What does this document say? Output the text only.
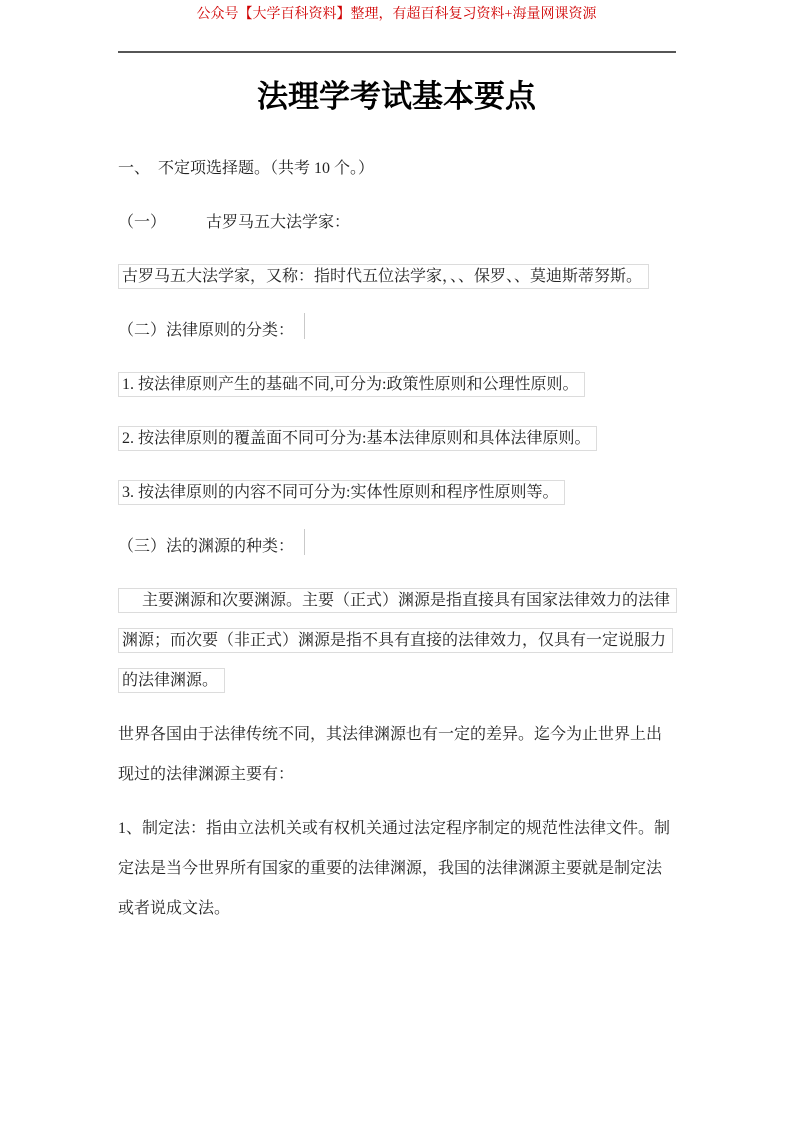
公众号【大学百科资料】整理，有超百科复习资料+海量网课资源
法理学考试基本要点

一、　不定项选择题。（共考 10 个。）

（一）　　　古罗马五大法学家：

古罗马五大法学家，又称：指时代五位法学家，、、保罗、、莫迪斯蒂努斯。

（二）法律原则的分类：

1. 按法律原则产生的基础不同,可分为:政策性原则和公理性原则。

2. 按法律原则的覆盖面不同可分为:基本法律原则和具体法律原则。

3. 按法律原则的内容不同可分为:实体性原则和程序性原则等。

（三）法的渊源的种类：

　 主要渊源和次要渊源。主要（正式）渊源是指直接具有国家法律效力的法律渊源；而次要（非正式）渊源是指不具有直接的法律效力，仅具有一定说服力的法律渊源。

世界各国由于法律传统不同，其法律渊源也有一定的差异。迄今为止世界上出现过的法律渊源主要有：

1、制定法：指由立法机关或有权机关通过法定程序制定的规范性法律文件。制定法是当今世界所有国家的重要的法律渊源，我国的法律渊源主要就是制定法或者说成文法。
